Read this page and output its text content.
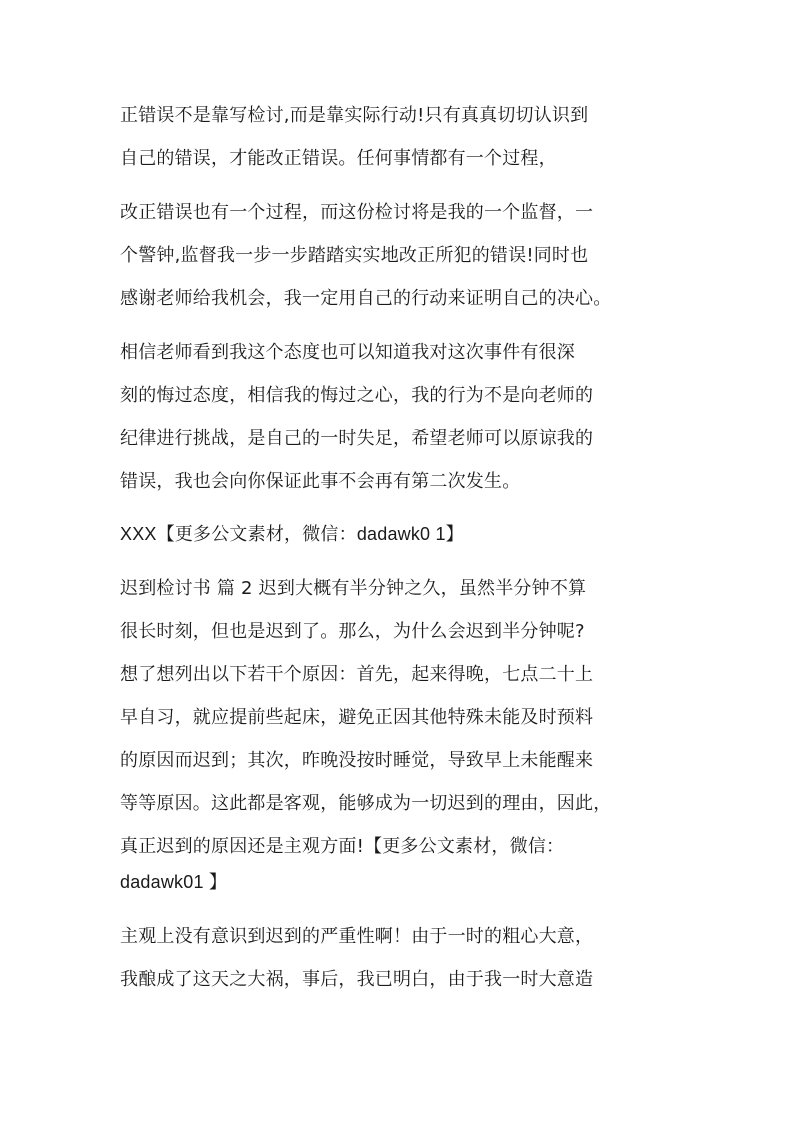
正错误不是靠写检讨,而是靠实际行动!只有真真切切认识到
自己的错误，才能改正错误。任何事情都有一个过程，
改正错误也有一个过程，而这份检讨将是我的一个监督，一
个警钟,监督我一步一步踏踏实实地改正所犯的错误!同时也
感谢老师给我机会，我一定用自己的行动来证明自己的决心。
相信老师看到我这个态度也可以知道我对这次事件有很深
刻的悔过态度，相信我的悔过之心，我的行为不是向老师的
纪律进行挑战，是自己的一时失足，希望老师可以原谅我的
错误，我也会向你保证此事不会再有第二次发生。
XXX【更多公文素材，微信：dadawk0 1】
迟到检讨书 篇 2 迟到大概有半分钟之久，虽然半分钟不算
很长时刻，但也是迟到了。那么，为什么会迟到半分钟呢?
想了想列出以下若干个原因：首先，起来得晚，七点二十上
早自习，就应提前些起床，避免正因其他特殊未能及时预料
的原因而迟到；其次，昨晚没按时睡觉，导致早上未能醒来
等等原因。这此都是客观，能够成为一切迟到的理由，因此，
真正迟到的原因还是主观方面!【更多公文素材，微信：
dadawk01 】
主观上没有意识到迟到的严重性啊！由于一时的粗心大意，
我酿成了这天之大祸，事后，我已明白，由于我一时大意造
